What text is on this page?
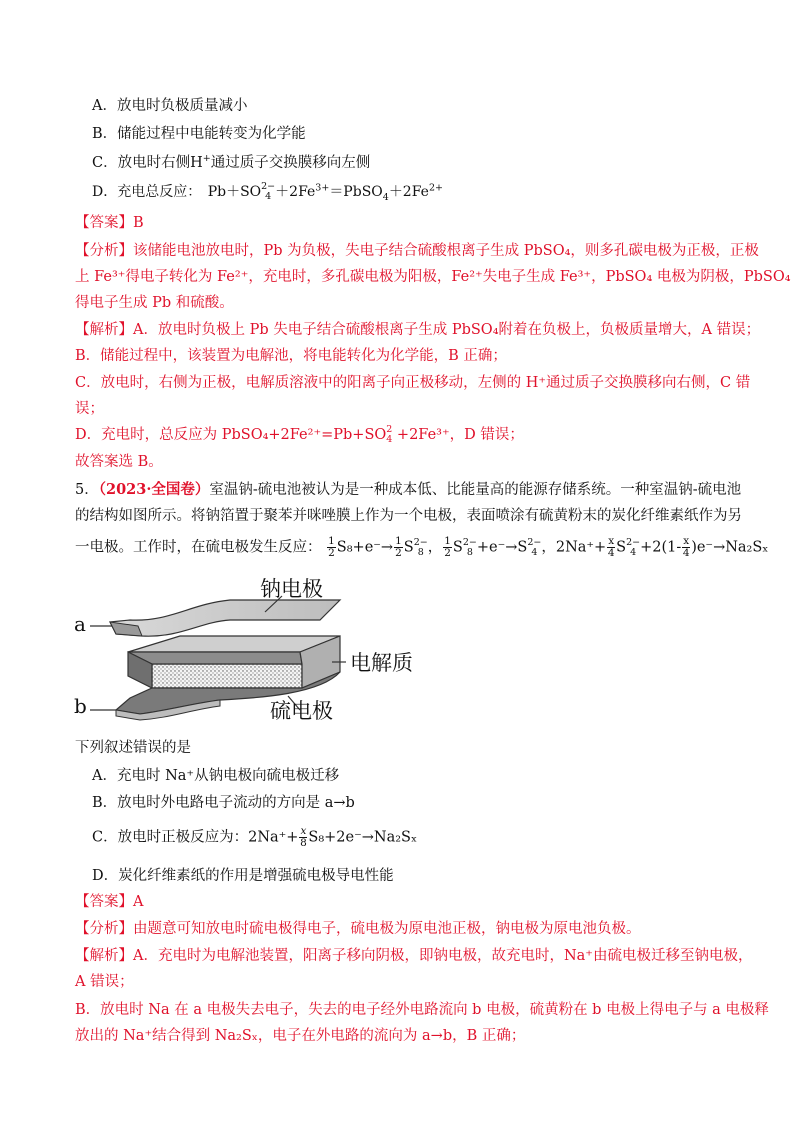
A．放电时负极质量减小
B．储能过程中电能转变为化学能
C．放电时右侧H+通过质子交换膜移向左侧
D．充电总反应： Pb＋SO 2−
$4 +2Fe^{3+}=PbSO_4+2Fe^{2+}$
【答案】B
【分析】该储能电池放电时，Pb 为负极，失电子结合硫酸根离子生成 PbSO₄，则多孔碳电极为正极，正极
上 Fe³⁺得电子转化为 Fe²⁺，充电时，多孔碳电极为阳极，Fe²⁺失电子生成 Fe³⁺，PbSO₄ 电极为阴极，PbSO₄
得电子生成 Pb 和硫酸。
【解析】A．放电时负极上 Pb 失电子结合硫酸根离子生成 PbSO₄附着在负极上，负极质量增大，A 错误；
B．储能过程中，该装置为电解池，将电能转化为化学能，B 正确；
C．放电时，右侧为正极，电解质溶液中的阳离子向正极移动，左侧的 H⁺通过质子交换膜移向右侧，C 错
误；
D．充电时，总反应为 PbSO₄+2Fe²⁺=Pb+SO 2
4 +2Fe³⁺，D 错误；
故答案选 B。
5．（2023·全国卷）室温钠-硫电池被认为是一种成本低、比能量高的能源存储系统。一种室温钠-硫电池
的结构如图所示。将钠箔置于聚苯并咪唑膜上作为一个电极，表面喷涂有硫黄粉末的炭化纤维素纸作为另
一电极。工作时，在硫电极发生反应： $\frac{1}{2} S_8+e^-\to \frac{1}{2}$ S 2−
8 ， $\frac{1}{2}$ S 2−
8 +e⁻→S 2−
4 ，$2Na^++ \frac{x}{4}$ S 2−
$4 +2(1- \frac{x}{4} )e^-\to Na_2S_x$
a
b
钠电极
电解质
硫电极
下列叙述错误的是
A．充电时 Na⁺从钠电极向硫电极迁移
B．放电时外电路电子流动的方向是 a→b
C．放电时正极反应为：$2Na^++ \frac{x}{8} S_8+2e^-\to Na_2S_x$
D．炭化纤维素纸的作用是增强硫电极导电性能
【答案】A
【分析】由题意可知放电时硫电极得电子，硫电极为原电池正极，钠电极为原电池负极。
【解析】A．充电时为电解池装置，阳离子移向阴极，即钠电极，故充电时，Na⁺由硫电极迁移至钠电极，
A 错误；
B．放电时 Na 在 a 电极失去电子，失去的电子经外电路流向 b 电极，硫黄粉在 b 电极上得电子与 a 电极释
放出的 Na⁺结合得到 Na₂Sₓ，电子在外电路的流向为 a→b，B 正确；
